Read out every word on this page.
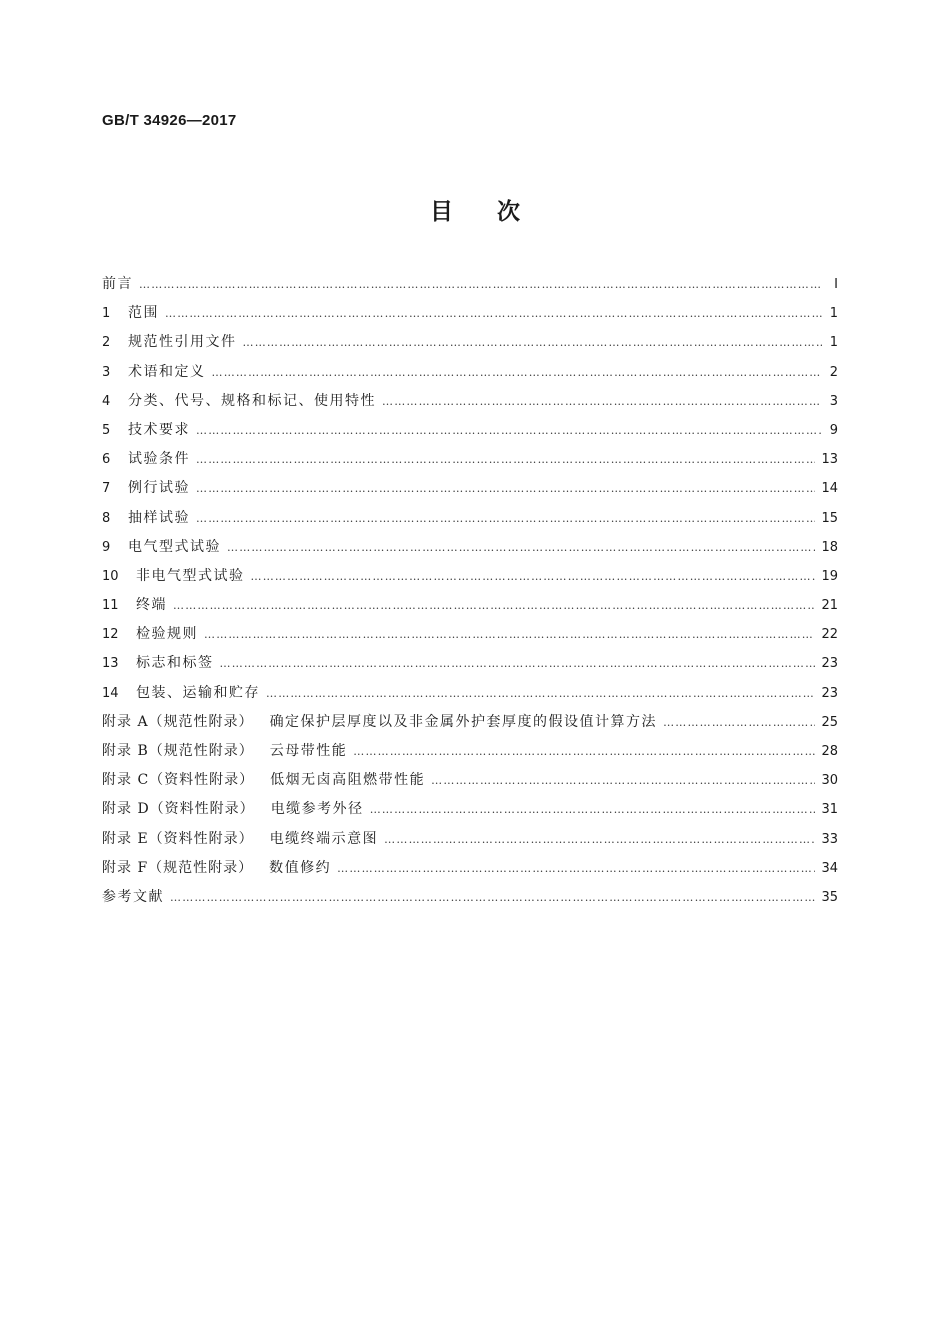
GB/T 34926—2017
目次
前言 ……………………………………………………………………………………………………………………………………………………………………………………………………………………	Ⅰ
1	范围 ……………………………………………………………………………………………………………………………………………………………………………………………………………………	1
2	规范性引用文件 ……………………………………………………………………………………………………………………………………………………………………………………………………………………	1
3	术语和定义 ……………………………………………………………………………………………………………………………………………………………………………………………………………………	2
4	分类、代号、规格和标记、使用特性 ……………………………………………………………………………………………………………………………………………………………………………………………………………………	3
5	技术要求 ……………………………………………………………………………………………………………………………………………………………………………………………………………………	9
6	试验条件 ……………………………………………………………………………………………………………………………………………………………………………………………………………………	13
7	例行试验 ……………………………………………………………………………………………………………………………………………………………………………………………………………………	14
8	抽样试验 ……………………………………………………………………………………………………………………………………………………………………………………………………………………	15
9	电气型式试验 ……………………………………………………………………………………………………………………………………………………………………………………………………………………	18
10	非电气型式试验 ……………………………………………………………………………………………………………………………………………………………………………………………………………………	19
11	终端 ……………………………………………………………………………………………………………………………………………………………………………………………………………………	21
12	检验规则 ……………………………………………………………………………………………………………………………………………………………………………………………………………………	22
13	标志和标签 ……………………………………………………………………………………………………………………………………………………………………………………………………………………	23
14	包装、运输和贮存 ……………………………………………………………………………………………………………………………………………………………………………………………………………………	23
附录 A（规范性附录） 确定保护层厚度以及非金属外护套厚度的假设值计算方法 ……………………………………………………………………………………………………………………………………………………………………………………………………………………	25
附录 B（规范性附录） 云母带性能 ……………………………………………………………………………………………………………………………………………………………………………………………………………………	28
附录 C（资料性附录） 低烟无卤高阻燃带性能 ……………………………………………………………………………………………………………………………………………………………………………………………………………………	30
附录 D（资料性附录） 电缆参考外径 ……………………………………………………………………………………………………………………………………………………………………………………………………………………	31
附录 E（资料性附录） 电缆终端示意图 ……………………………………………………………………………………………………………………………………………………………………………………………………………………	33
附录 F（规范性附录） 数值修约 ……………………………………………………………………………………………………………………………………………………………………………………………………………………	34
参考文献 ……………………………………………………………………………………………………………………………………………………………………………………………………………………	35
